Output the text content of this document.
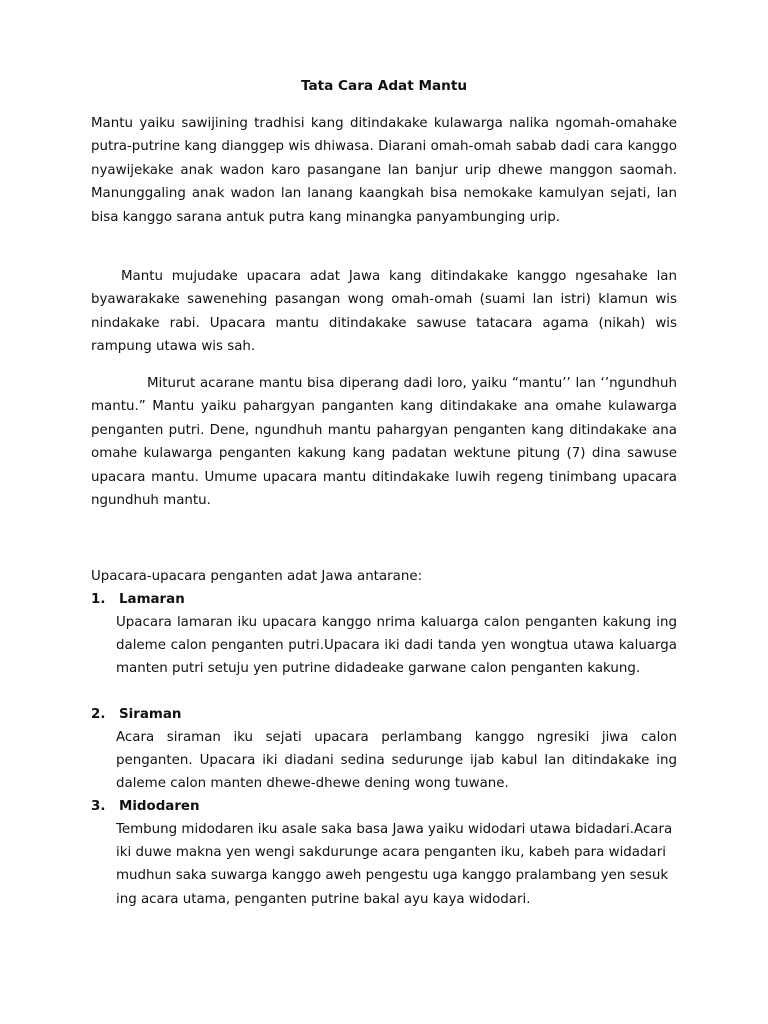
Tata Cara Adat Mantu

Mantu yaiku sawijining tradhisi kang ditindakake kulawarga nalika ngomah-omahake putra-putrine kang dianggep wis dhiwasa. Diarani omah-omah sabab dadi cara kanggo nyawijekake anak wadon karo pasangane lan banjur urip dhewe manggon saomah. Manunggaling anak wadon lan lanang kaangkah bisa nemokake kamulyan sejati, lan bisa kanggo sarana antuk putra kang minangka panyambunging urip.

Mantu mujudake upacara adat Jawa kang ditindakake kanggo ngesahake lan byawarakake saweneһing pasangan wong omah-omah (suami lan istri) klamun wis nindakake rabi. Upacara mantu ditindakake sawuse tatacara agama (nikah) wis rampung utawa wis sah.

Miturut acarane mantu bisa diperang dadi loro, yaiku “mantu’’ lan ‘’ngundhuh mantu.” Mantu yaiku pahargyan panganten kang ditindakake ana omahe kulawarga penganten putri. Dene, ngundhuh mantu pahargyan penganten kang ditindakake ana omahe kulawarga penganten kakung kang padatan wektune pitung (7) dina sawuse upacara mantu. Umume upacara mantu ditindakake luwih regeng tinimbang upacara ngundhuh mantu.

Upacara-upacara penganten adat Jawa antarane:
1. Lamaran
Upacara lamaran iku upacara kanggo nrima kaluarga calon penganten kakung ing daleme calon penganten putri.Upacara iki dadi tanda yen wongtua utawa kaluarga manten putri setuju yen putrine didadeake garwane calon penganten kakung.
2. Siraman
Acara siraman iku sejati upacara perlambang kanggo ngresiki jiwa calon penganten. Upacara iki diadani sedina sedurunge ijab kabul lan ditindakake ing daleme calon manten dhewe-dhewe dening wong tuwane.
3. Midodaren
Tembung midodaren iku asale saka basa Jawa yaiku widodari utawa bidadari.Acara iki duwe makna yen wengi sakdurunge acara penganten iku, kabeh para widadari mudhun saka suwarga kanggo aweh pengestu uga kanggo pralambang yen sesuk ing acara utama, penganten putrine bakal ayu kaya widodari.
